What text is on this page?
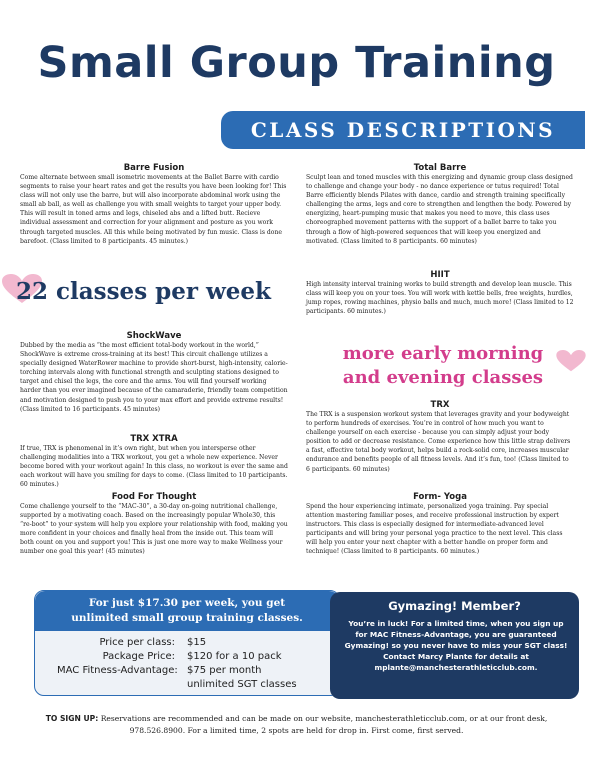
Small Group Training
CLASS DESCRIPTIONS

Barre Fusion

Come alternate between small isometric movements at the Ballet Barre with cardio segments to raise your heart rates and get the results you have been looking for! This class will not only use the barre, but will also incorporate abdominal work using the small ab ball, as well as challenge you with small weights to target your upper body. This will result in toned arms and legs, chiseled abs and a lifted butt. Recieve individual assessment and correction for your alignment and posture as you work through targeted muscles. All this while being motivated by fun music. Class is done barefoot. (Class limited to 8 participants. 45 minutes.)

22 classes per week

ShockWave

Dubbed by the media as “the most efficient total-body workout in the world,” ShockWave is extreme cross-training at its best! This circuit challenge utilizes a specially designed WaterRower machine to provide short-burst, high-intensity, calorie-torching intervals along with functional strength and sculpting stations designed to target and chisel the legs, the core and the arms. You will find yourself working harder than you ever imagined because of the camaraderie, friendly team competition and motivation designed to push you to your max effort and provide extreme results! (Class limited to 16 participants. 45 minutes)

TRX XTRA

If true, TRX is phenomenal in it’s own right, but when you intersperse other challenging modalities into a TRX workout, you get a whole new experience. Never become bored with your workout again! In this class, no workout is ever the same and each workout will have you smiling for days to come. (Class limited to 10 participants. 60 minutes.)

Food For Thought

Come challenge yourself to the “MAC-30”, a 30-day on-going nutritional challenge, supported by a motivating coach. Based on the increasingly popular Whole30, this “re-boot” to your system will help you explore your relationship with food, making you more confident in your choices and finally heal from the inside out. This team will both count on you and support you! This is just one more way to make Wellness your number one goal this year! (45 minutes)

Total Barre

Sculpt lean and toned muscles with this energizing and dynamic group class designed to challenge and change your body - no dance experience or tutus required! Total Barre efficiently blends Pilates with dance, cardio and strength training specifically challenging the arms, legs and core to strengthen and lengthen the body. Powered by energizing, heart-pumping music that makes you need to move, this class uses choreographed movement patterns with the support of a ballet barre to take you through a flow of high-powered sequences that will keep you energized and motivated. (Class limited to 8 participants. 60 minutes)

HIIT

High intensity interval training works to build strength and develop lean muscle. This class will keep you on your toes. You will work with kettle bells, free weights, hurdles, jump ropes, rowing machines, physio balls and much, much more! (Class limited to 12 participants. 60 minutes.)

more early morning
and evening classes

TRX

The TRX is a suspension workout system that leverages gravity and your bodyweight to perform hundreds of exercises. You’re in control of how much you want to challenge yourself on each exercise - because you can simply adjust your body position to add or decrease resistance. Come experience how this little strap delivers a fast, effective total body workout, helps build a rock-solid core, increases muscular endurance and benefits people of all fitness levels. And it’s fun, too! (Class limited to 6 participants. 60 minutes)

Form- Yoga

Spend the hour experiencing intimate, personalized yoga training. Pay special attention mastering familiar poses, and receive professional instruction by expert instructors. This class is especially designed for intermediate-advanced level participants and will bring your personal yoga practice to the next level. This class will help you enter your next chapter with a better handle on proper form and technique! (Class limited to 8 participants. 60 minutes.)

For just $17.30 per week, you get
unlimited small group training classes.
Price per class: $15
Package Price: $120 for a 10 pack
MAC Fitness-Advantage: $75 per month
unlimited SGT classes
Gymazing! Member?
You’re in luck! For a limited time, when you sign up for MAC Fitness-Advantage, you are guaranteed Gymazing! so you never have to miss your SGT class! Contact Marcy Plante for details at mplante@manchesterathleticclub.com.
TO SIGN UP: Reservations are recommended and can be made on our website, manchesterathleticclub.com, or at our front desk, 978.526.8900. For a limited time, 2 spots are held for drop in. First come, first served.
